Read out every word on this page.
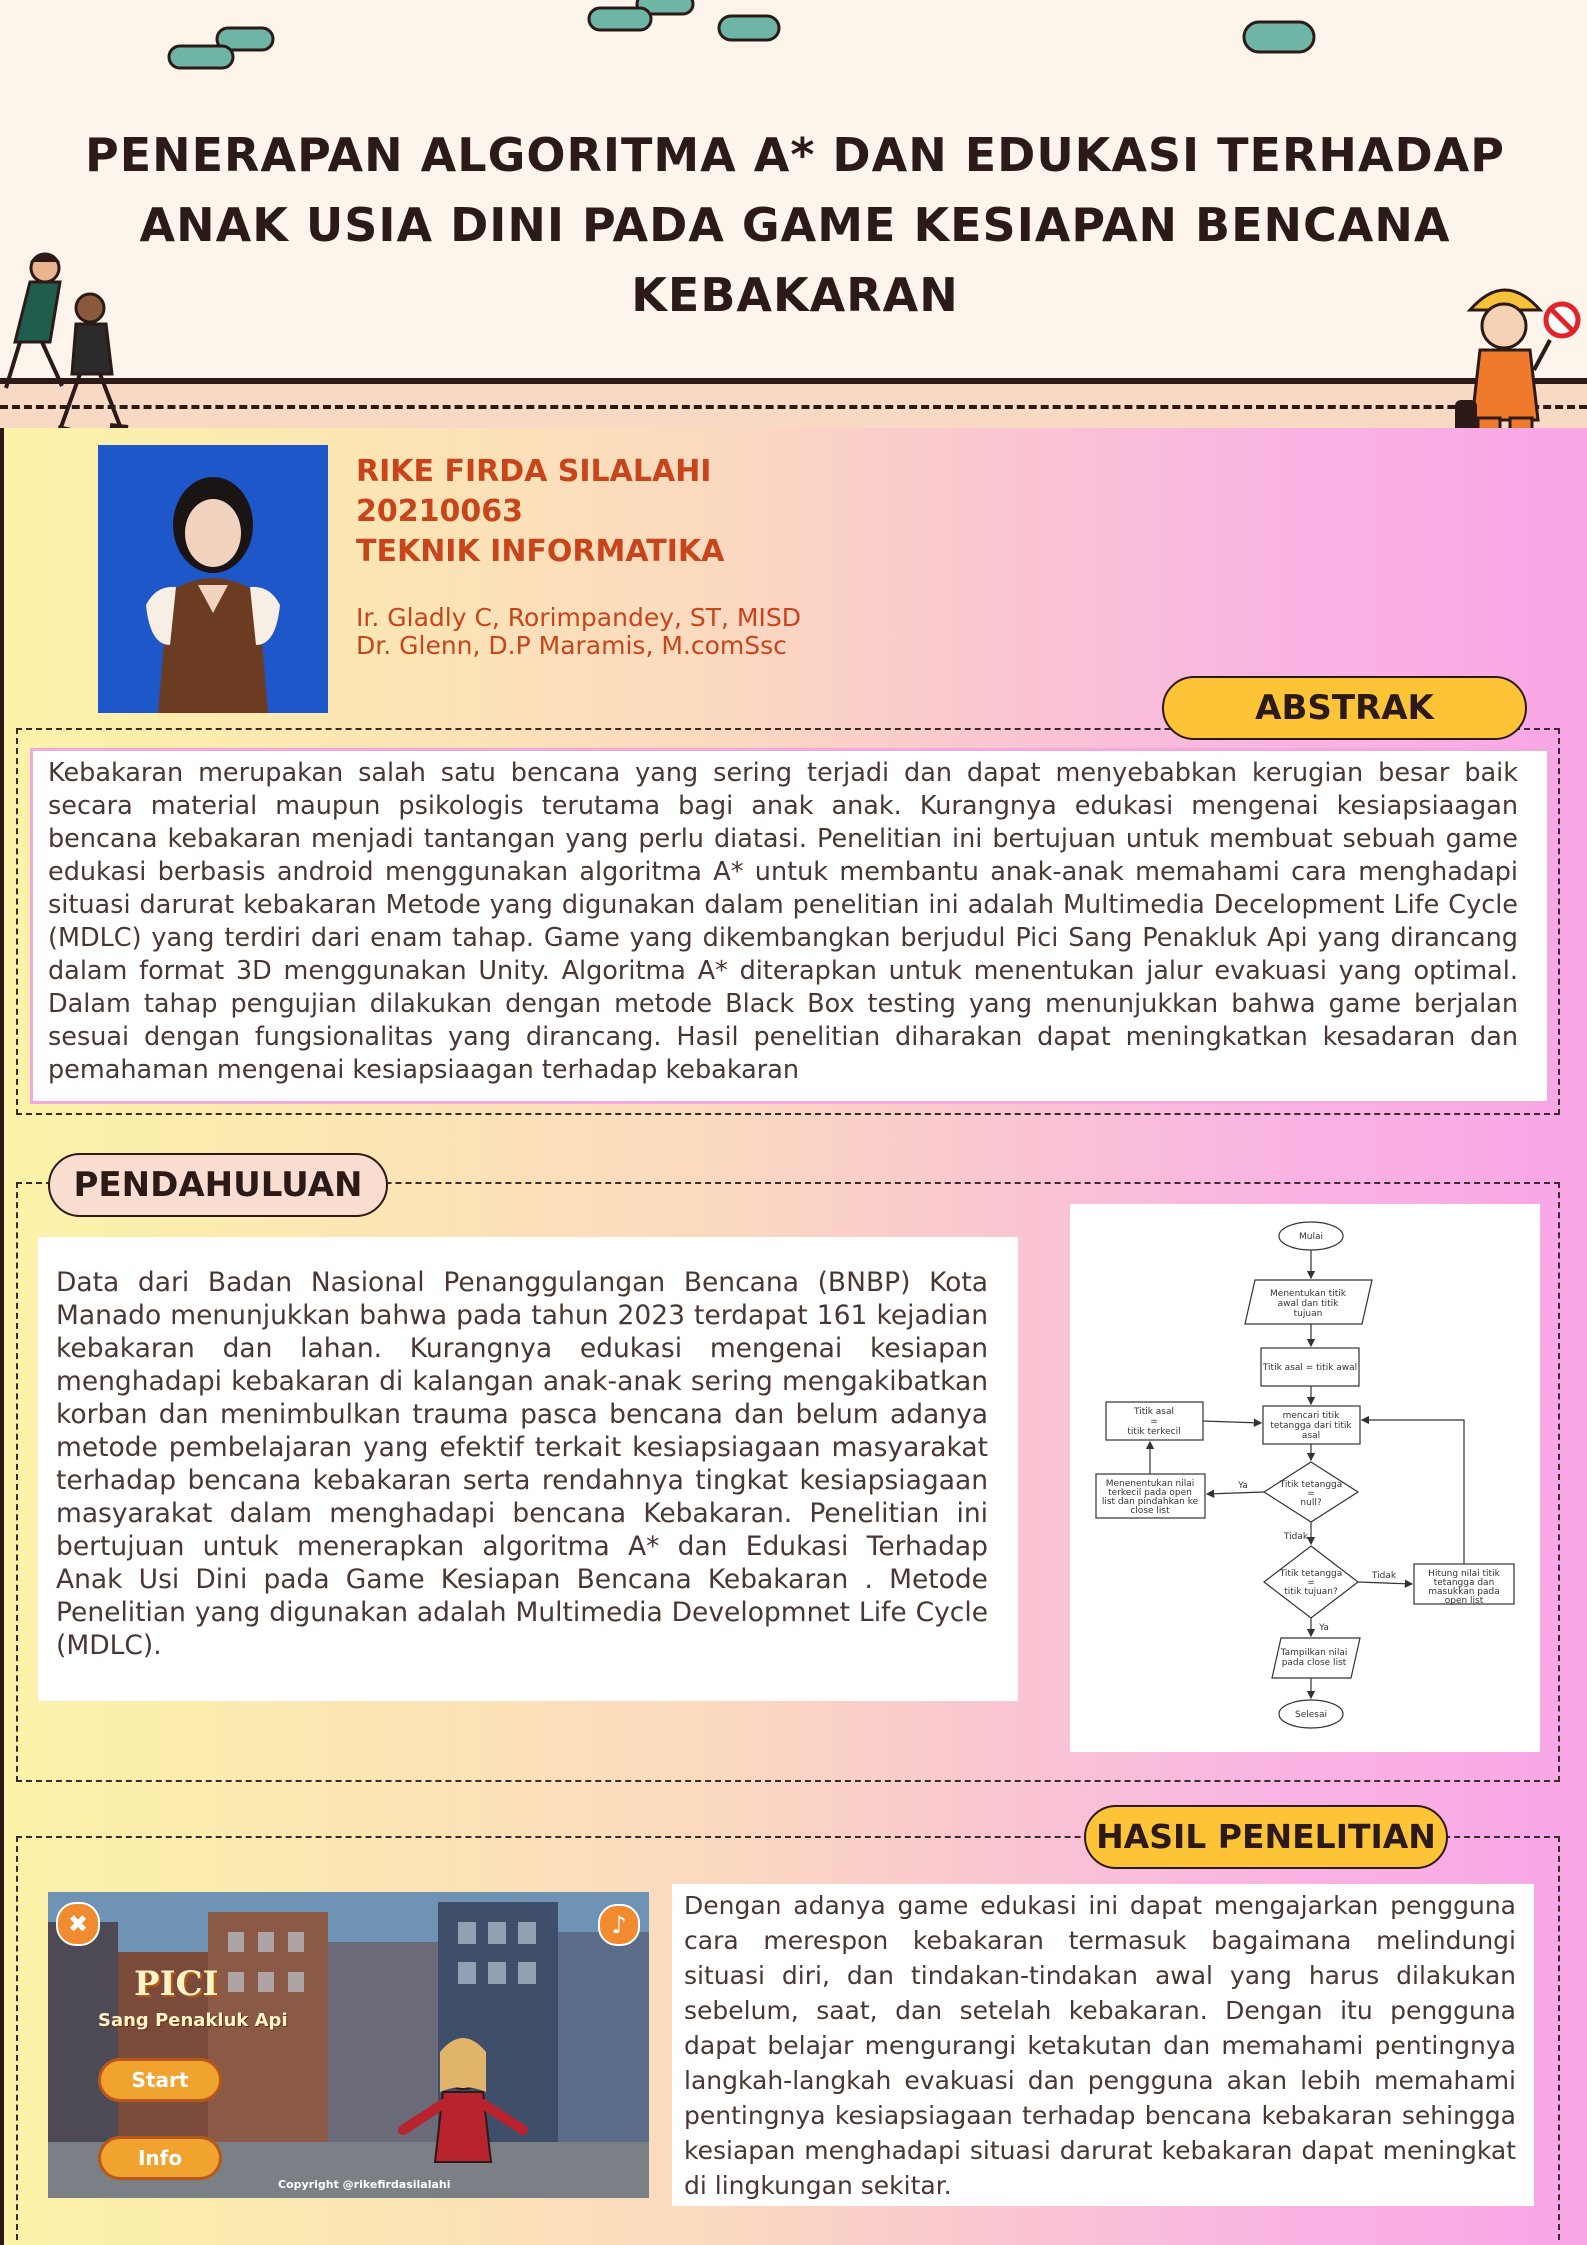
PENERAPAN ALGORITMA A* DAN EDUKASI TERHADAP
ANAK USIA DINI PADA GAME KESIAPAN BENCANA
KEBAKARAN
RIKE FIRDA SILALAHI
20210063
TEKNIK INFORMATIKA
Ir. Gladly C, Rorimpandey, ST, MISD
Dr. Glenn, D.P Maramis, M.comSsc
ABSTRAK
Kebakaran merupakan salah satu bencana yang sering terjadi dan dapat menyebabkan kerugian besar baik secara material maupun psikologis terutama bagi anak anak. Kurangnya edukasi mengenai kesiapsiaagan bencana kebakaran menjadi tantangan yang perlu diatasi. Penelitian ini bertujuan untuk membuat sebuah game edukasi berbasis android menggunakan algoritma A* untuk membantu anak-anak memahami cara menghadapi situasi darurat kebakaran Metode yang digunakan dalam penelitian ini adalah Multimedia Decelopment Life Cycle (MDLC) yang terdiri dari enam tahap. Game yang dikembangkan berjudul Pici Sang Penakluk Api yang dirancang dalam format 3D menggunakan Unity. Algoritma A* diterapkan untuk menentukan jalur evakuasi yang optimal. Dalam tahap pengujian dilakukan dengan metode Black Box testing yang menunjukkan bahwa game berjalan sesuai dengan fungsionalitas yang dirancang. Hasil penelitian diharakan dapat meningkatkan kesadaran dan pemahaman mengenai kesiapsiaagan terhadap kebakaran
PENDAHULUAN
Data dari Badan Nasional Penanggulangan Bencana (BNBP) Kota Manado menunjukkan bahwa pada tahun 2023 terdapat 161 kejadian kebakaran dan lahan. Kurangnya edukasi mengenai kesiapan menghadapi kebakaran di kalangan anak-anak sering mengakibatkan korban dan menimbulkan trauma pasca bencana dan belum adanya metode pembelajaran yang efektif terkait kesiapsiagaan masyarakat terhadap bencana kebakaran serta rendahnya tingkat kesiapsiagaan masyarakat dalam menghadapi bencana Kebakaran. Penelitian ini bertujuan untuk menerapkan algoritma A* dan Edukasi Terhadap Anak Usi Dini pada Game Kesiapan Bencana Kebakaran . Metode Penelitian yang digunakan adalah Multimedia Developmnet Life Cycle (MDLC).
Mulai
Menentukan titik
awal dan titik
tujuan
Titik asal = titik awal
mencari titik
tetangga dari titik
asal
Titik asal
=
titik terkecil
Menenentukan nilai
terkecil pada open
list dan pindahkan ke
close list
Titik tetangga
=
null?
Titik tetangga
=
titik tujuan?
Hitung nilai titik
tetangga dan
masukkan pada
open list
Tampilkan nilai
pada close list
Selesai
Ya
Tidak
Tidak
Ya
HASIL PENELITIAN
✖	♪
PICI
Sang Penakluk Api
Start
Info
Copyright @rikefirdasilalahi
Dengan adanya game edukasi ini dapat mengajarkan pengguna cara merespon kebakaran termasuk bagaimana melindungi situasi diri, dan tindakan-tindakan awal yang harus dilakukan sebelum, saat, dan setelah kebakaran. Dengan itu pengguna dapat belajar mengurangi ketakutan dan memahami pentingnya langkah-langkah evakuasi dan pengguna akan lebih memahami pentingnya kesiapsiagaan terhadap bencana kebakaran sehingga kesiapan menghadapi situasi darurat kebakaran dapat meningkat di lingkungan sekitar.
